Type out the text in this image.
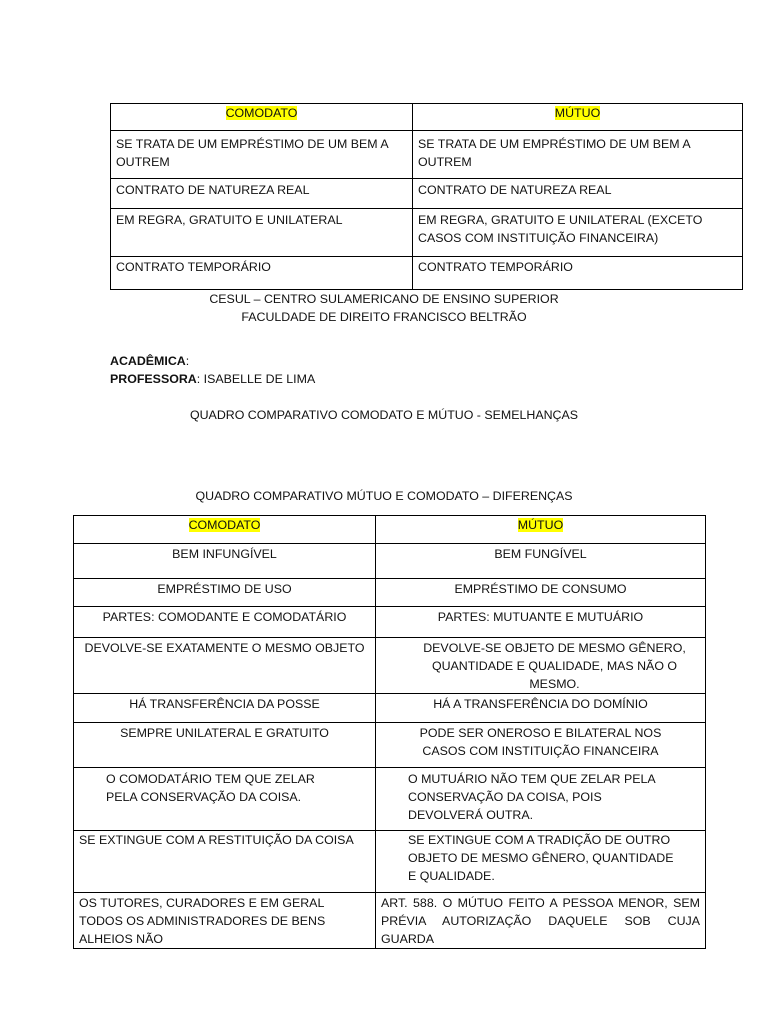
COMODATO	MÚTUO
SE TRATA DE UM EMPRÉSTIMO DE UM BEM A OUTREM	SE TRATA DE UM EMPRÉSTIMO DE UM BEM A OUTREM
CONTRATO DE NATUREZA REAL	CONTRATO DE NATUREZA REAL
EM REGRA, GRATUITO E UNILATERAL	EM REGRA, GRATUITO E UNILATERAL (EXCETO CASOS COM INSTITUIÇÃO FINANCEIRA)
CONTRATO TEMPORÁRIO	CONTRATO TEMPORÁRIO
CESUL – CENTRO SULAMERICANO DE ENSINO SUPERIOR
FACULDADE DE DIREITO FRANCISCO BELTRÃO
ACADÊMICA:
PROFESSORA: ISABELLE DE LIMA
QUADRO COMPARATIVO COMODATO E MÚTUO - SEMELHANÇAS
QUADRO COMPARATIVO MÚTUO E COMODATO – DIFERENÇAS
COMODATO	MÚTUO
BEM INFUNGÍVEL	BEM FUNGÍVEL
EMPRÉSTIMO DE USO	EMPRÉSTIMO DE CONSUMO
PARTES: COMODANTE E COMODATÁRIO	PARTES: MUTUANTE E MUTUÁRIO
DEVOLVE-SE EXATAMENTE O MESMO OBJETO	DEVOLVE-SE OBJETO DE MESMO GÊNERO, QUANTIDADE E QUALIDADE, MAS NÃO O MESMO.
HÁ TRANSFERÊNCIA DA POSSE	HÁ A TRANSFERÊNCIA DO DOMÍNIO
SEMPRE UNILATERAL E GRATUITO	PODE SER ONEROSO E BILATERAL NOS CASOS COM INSTITUIÇÃO FINANCEIRA
O COMODATÁRIO TEM QUE ZELAR PELA CONSERVAÇÃO DA COISA.	O MUTUÁRIO NÃO TEM QUE ZELAR PELA CONSERVAÇÃO DA COISA, POIS DEVOLVERÁ OUTRA.
SE EXTINGUE COM A RESTITUIÇÃO DA COISA	SE EXTINGUE COM A TRADIÇÃO DE OUTRO OBJETO DE MESMO GÊNERO, QUANTIDADE E QUALIDADE.
OS TUTORES, CURADORES E EM GERAL TODOS OS ADMINISTRADORES DE BENS ALHEIOS NÃO	ART. 588. O MÚTUO FEITO A PESSOA MENOR, SEM PRÉVIA AUTORIZAÇÃO DAQUELE SOB CUJA GUARDA
